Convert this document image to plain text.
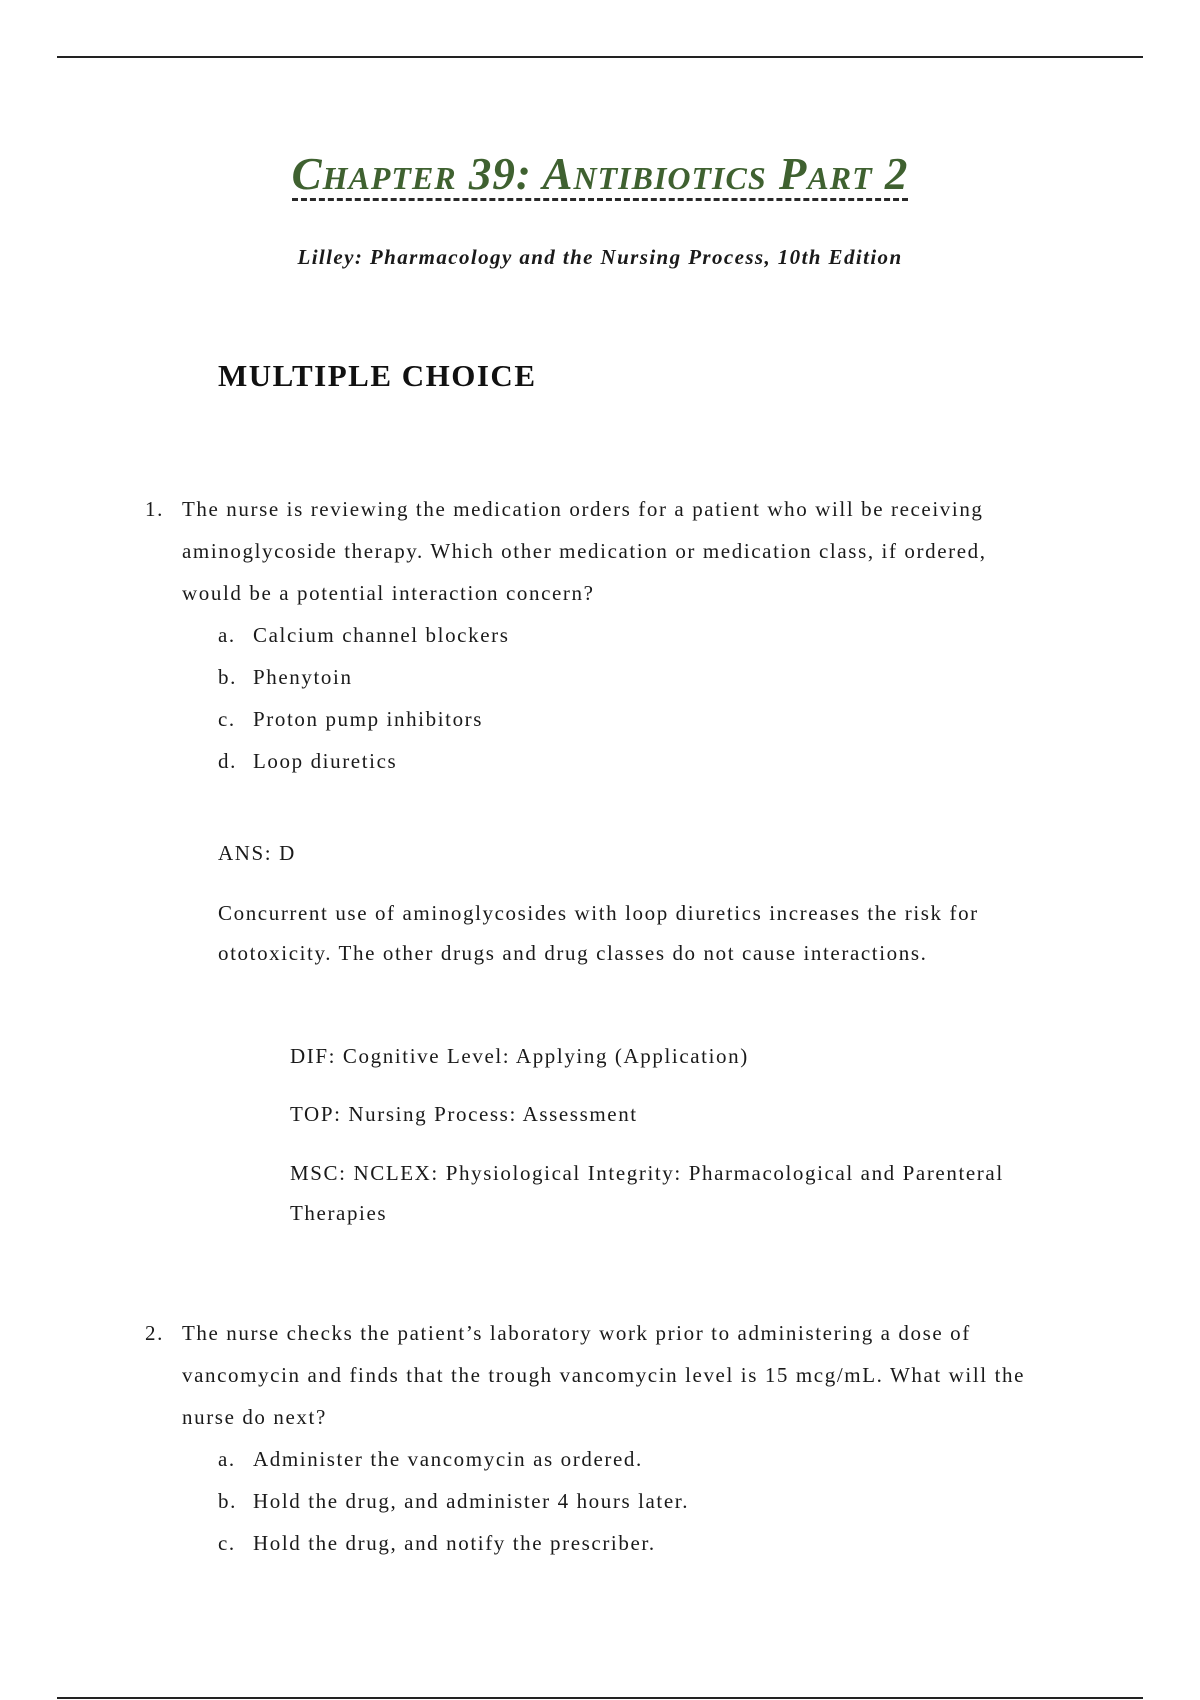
Chapter 39: Antibiotics Part 2

Lilley: Pharmacology and the Nursing Process, 10th Edition

MULTIPLE CHOICE

1. The nurse is reviewing the medication orders for a patient who will be receiving aminoglycoside therapy. Which other medication or medication class, if ordered, would be a potential interaction concern?

a. Calcium channel blockers
b. Phenytoin
c. Proton pump inhibitors
d. Loop diuretics

ANS: D

Concurrent use of aminoglycosides with loop diuretics increases the risk for ototoxicity. The other drugs and drug classes do not cause interactions.

DIF: Cognitive Level: Applying (Application)

TOP: Nursing Process: Assessment

MSC: NCLEX: Physiological Integrity: Pharmacological and Parenteral Therapies

2. The nurse checks the patient’s laboratory work prior to administering a dose of vancomycin and finds that the trough vancomycin level is 15 mcg/mL. What will the nurse do next?

a. Administer the vancomycin as ordered.
b. Hold the drug, and administer 4 hours later.
c. Hold the drug, and notify the prescriber.
